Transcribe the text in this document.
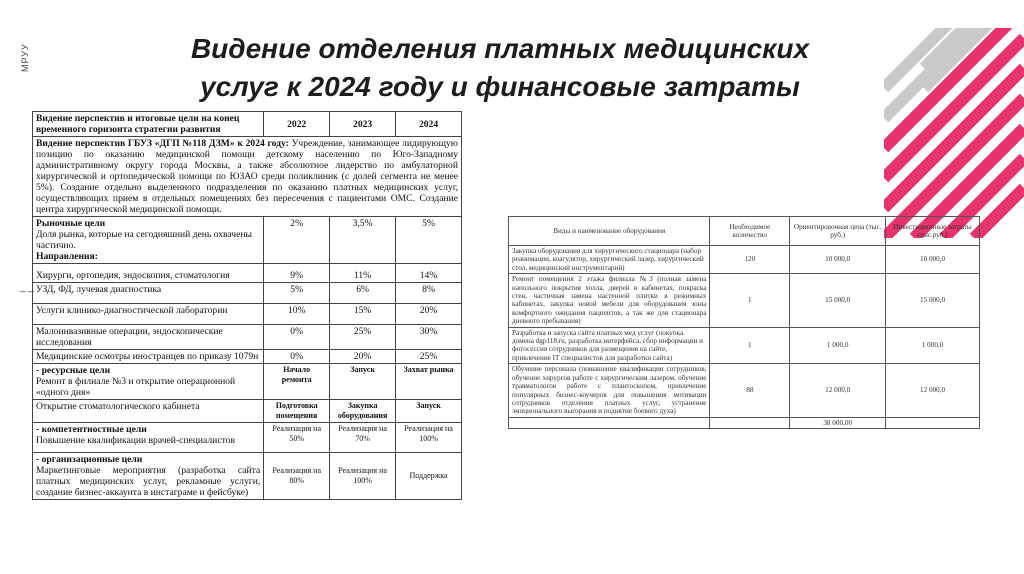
МРУУ	Видение отделения платных медицинских
услуг к 2024 году и финансовые затраты
_ _
Видение перспектив и итоговые цели на конец временного горизонта стратегии развития	2022	2023	2024
Видение перспектив ГБУЗ «ДГП №118 ДЗМ» к 2024 году: Учреждение, занимающее лидирующую позицию по оказанию медицинской помощи детскому населению по Юго-Западному административному округу города Москвы, а также абсолютное лидерство по амбулаторной хирургической и ортопедической помощи по ЮЗАО среди поликлиник (с долей сегмента не менее 5%). Создание отдельно выделенного подразделения по оказанию платных медицинских услуг, осуществляющих прием в отдельных помещениях без пересечения с пациентами ОМС. Создание центра хирургической медицинской помощи.			

Рыночные цели
Доля рынка, которые на сегодняшний день охвачены частично.
Направления:	2%	3,5%	5%
Хирурги, ортопедия, эндоскопия, стоматология	9%	11%	14%
УЗД, ФД, лучевая диагностика	5%	6%	8%
Услуги клинико-диагностической лаборатории	10%	15%	20%
Малоинвазивные операции, эндоскопические исследования	0%	25%	30%
Медицинские осмотры иностранцев по приказу 1079н	0%	20%	25%

- ресурсные цели
Ремонт в филиале №3 и открытие операционной «одного дня»	Начало ремонта	Запуск	Захват рынка
Открытие стоматологического кабинета	Подготовка помещения	Закупка оборудования	Запуск

- компетентностные цели
Повышение квалификации врачей-специалистов	Реализация на 50%	Реализация на 70%	Реализация на 100%

- организационные цели
Маркетинговые мероприятия (разработка сайта платных медицинских услуг, рекламные услуги, создание бизнес-аккаунта в инстаграме и фейсбуке)	Реализация на 80%	Реализация на 100%	Поддержка
Виды и наименование оборудования	Необходимое количество	Ориентировочная цена (тыс. руб.)	Инвестиционные затраты (тыс.руб.)
Закупка оборудования для хирургического стационара (набор реанимации, коагулятор, хирургический лазер, хирургический стол, медицинский инструментарий)	120	10 000,0	10 000,0
Ремонт помещения 2 этажа филиала №3 (полная замена напольного покрытия холла, дверей в кабинетах, покраска стен, частичная замена настенной плитки в режимных кабинетах, закупка новой мебели для оборудования зоны комфортного ожидания пациентов, а так же для стационара дневного пребывания)	1	15 000,0	15 000,0
Разработка и запуска сайта платных мед услуг (покупка домена dgp118.ru, разработка интерфейса, сбор информации и фотосессия сотрудников для размещения на сайте, привлечение IT специалистов для разработки сайта)	1	1 000,0	1 000,0
Обучение персонала (повышение квалификации сотрудников, обучение хирургов работе с хирургическим лазером, обучение травматологов работе с плантоскопом, привлечение популярных бизнес-коучеров для повышения мотивации сотрудников отделения платных услуг, устранение эмоционального выгорания и поднятие боевого духа)	88	12 000,0	12 000,0
		38 000,00	
